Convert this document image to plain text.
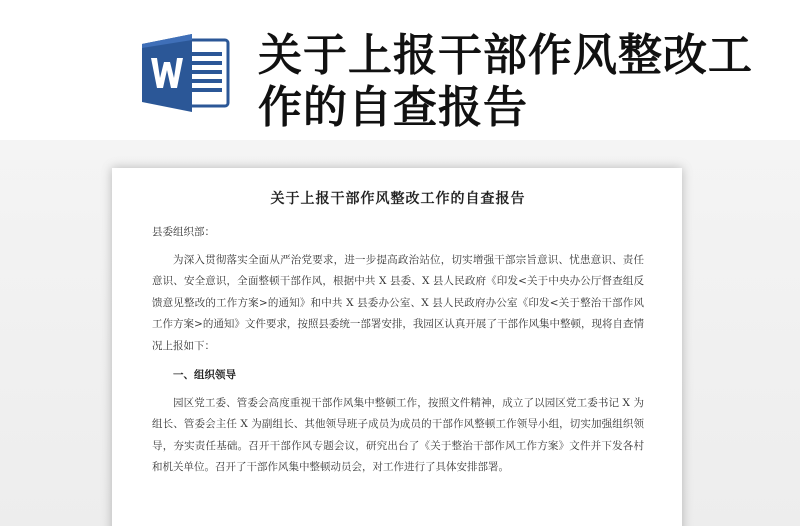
关于上报干部作风整改工作的自查报告
关于上报干部作风整改工作的自查报告
县委组织部：
为深入贯彻落实全面从严治党要求，进一步提高政治站位，切实增强干部宗旨意识、忧患意识、责任意识、安全意识，全面整顿干部作风，根据中共 X 县委、X 县人民政府《印发<关于中央办公厅督查组反馈意见整改的工作方案>的通知》和中共 X 县委办公室、X 县人民政府办公室《印发<关于整治干部作风工作方案>的通知》文件要求，按照县委统一部署安排，我园区认真开展了干部作风集中整顿，现将自查情况上报如下：
一、组织领导
园区党工委、管委会高度重视干部作风集中整顿工作，按照文件精神，成立了以园区党工委书记 X 为组长、管委会主任 X 为副组长、其他领导班子成员为成员的干部作风整顿工作领导小组，切实加强组织领导，夯实责任基础。召开干部作风专题会议，研究出台了《关于整治干部作风工作方案》文件并下发各村和机关单位。召开了干部作风集中整顿动员会，对工作进行了具体安排部署。
